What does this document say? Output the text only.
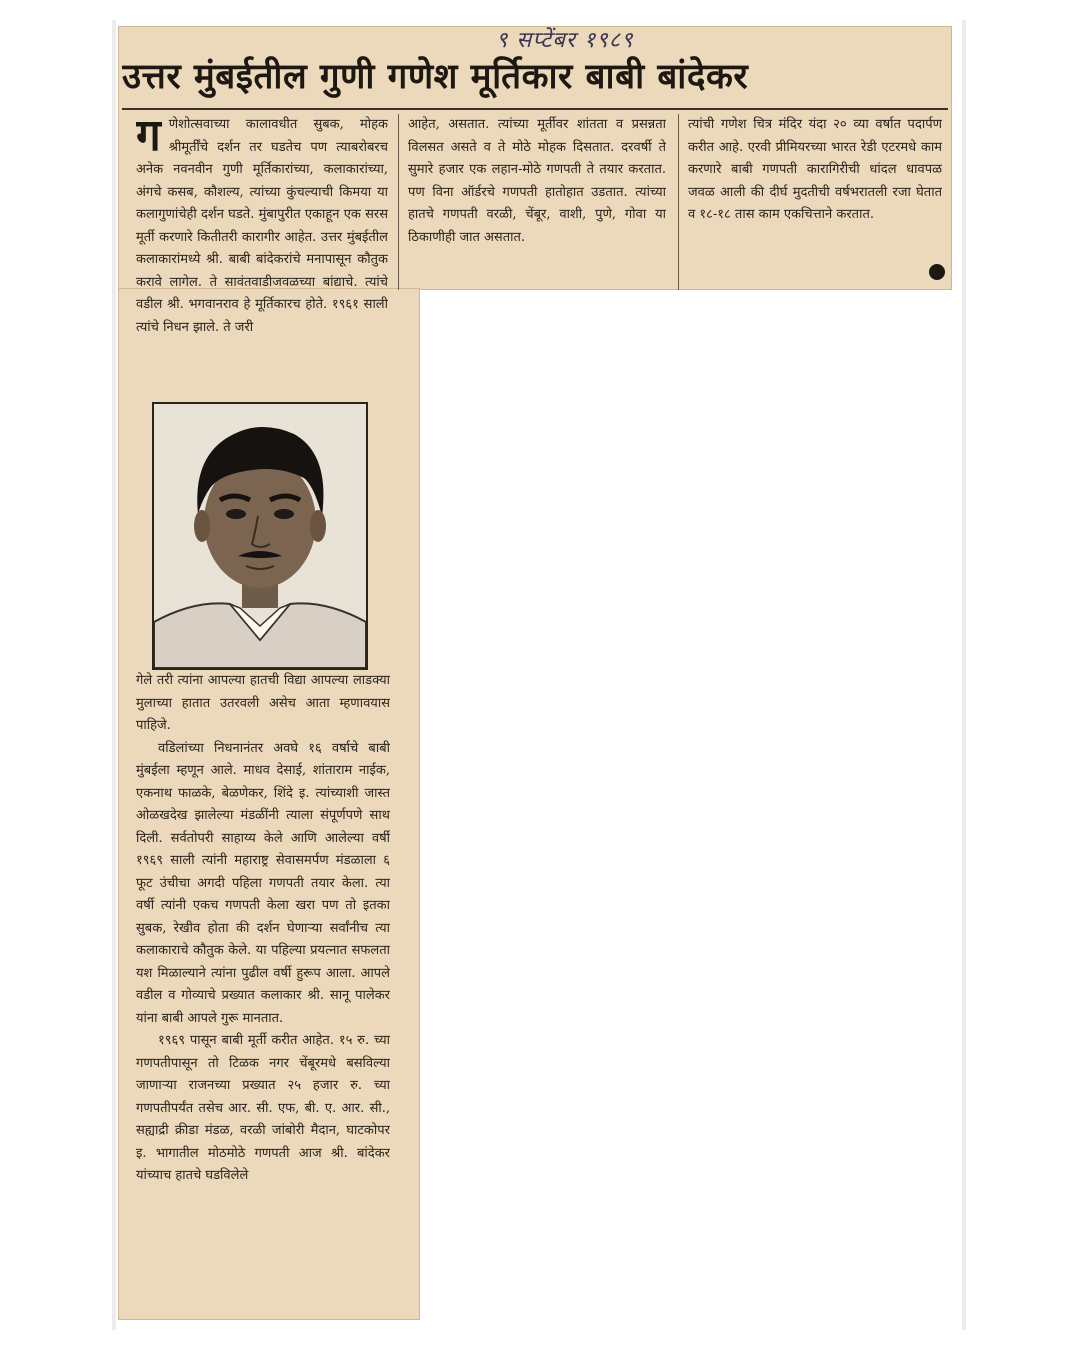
९ सप्टेंबर १९८९
उत्तर मुंबईतील गुणी गणेश मूर्तिकार बाबी बांदेकर
ग णेशोत्सवाच्या कालावधीत सुबक, मोहक श्रीमूर्तींचे दर्शन तर घडतेच पण त्याबरोबरच अनेक नवनवीन गुणी मूर्तिकारांच्या, कलाकारांच्या, अंगचे कसब, कौशल्य, त्यांच्या कुंचल्याची किमया या कलागुणांचेही दर्शन घडते. मुंबापुरीत एकाहून एक सरस मूर्ती करणारे कितीतरी कारागीर आहेत. उत्तर मुंबईतील कलाकारांमध्ये श्री. बाबी बांदेकरांचे मनापासून कौतुक करावे लागेल. ते सावंतवाडीजवळच्या बांद्याचे. त्यांचे वडील श्री. भगवानराव हे मूर्तिकारच होते. १९६१ साली त्यांचे निधन झाले. ते जरी

गेले तरी त्यांना आपल्या हातची विद्या आपल्या लाडक्या मुलाच्या हातात उतरवली असेच आता म्हणावयास पाहिजे.

वडिलांच्या निधनानंतर अवघे १६ वर्षाचे बाबी मुंबईला म्हणून आले. माधव देसाई, शांताराम नाईक, एकनाथ फाळके, बेळणेकर, शिंदे इ. त्यांच्याशी जास्त ओळखदेख झालेल्या मंडळींनी त्याला संपूर्णपणे साथ दिली. सर्वतोपरी साहाय्य केले आणि आलेल्या वर्षी १९६९ साली त्यांनी महाराष्ट्र सेवासमर्पण मंडळाला ६ फूट उंचीचा अगदी पहिला गणपती तयार केला. त्या वर्षी त्यांनी एकच गणपती केला खरा पण तो इतका सुबक, रेखीव होता की दर्शन घेणाऱ्या सर्वांनीच त्या कलाकाराचे कौतुक केले. या पहिल्या प्रयत्नात सफलता यश मिळाल्याने त्यांना पुढील वर्षी हुरूप आला. आपले वडील व गोव्याचे प्रख्यात कलाकार श्री. सानू पालेकर यांना बाबी आपले गुरू मानतात.

१९६९ पासून बाबी मूर्ती करीत आहेत. १५ रु. च्या गणपतीपासून तो टिळक नगर चेंबूरमधे बसविल्या जाणाऱ्या राजनच्या प्रख्यात २५ हजार रु. च्या गणपतीपर्यंत तसेच आर. सी. एफ, बी. ए. आर. सी., सह्याद्री क्रीडा मंडळ, वरळी जांबोरी मैदान, घाटकोपर इ. भागातील मोठमोठे गणपती आज श्री. बांदेकर यांच्याच हातचे घडविलेले

आहेत, असतात. त्यांच्या मूर्तीवर शांतता व प्रसन्नता विलसत असते व ते मोठे मोहक दिसतात. दरवर्षी ते सुमारे हजार एक लहान-मोठे गणपती ते तयार करतात. पण विना ऑर्डरचे गणपती हातोहात उडतात. त्यांच्या हातचे गणपती वरळी, चेंबूर, वाशी, पुणे, गोवा या ठिकाणीही जात असतात.

त्यांची गणेश चित्र मंदिर यंदा २० व्या वर्षात पदार्पण करीत आहे. एरवी प्रीमियरच्या भारत रेडी एटरमधे काम करणारे बाबी गणपती कारागिरीची धांदल धावपळ जवळ आली की दीर्घ मुदतीची वर्षभरातली रजा घेतात व १८-१८ तास काम एकचित्ताने करतात.
